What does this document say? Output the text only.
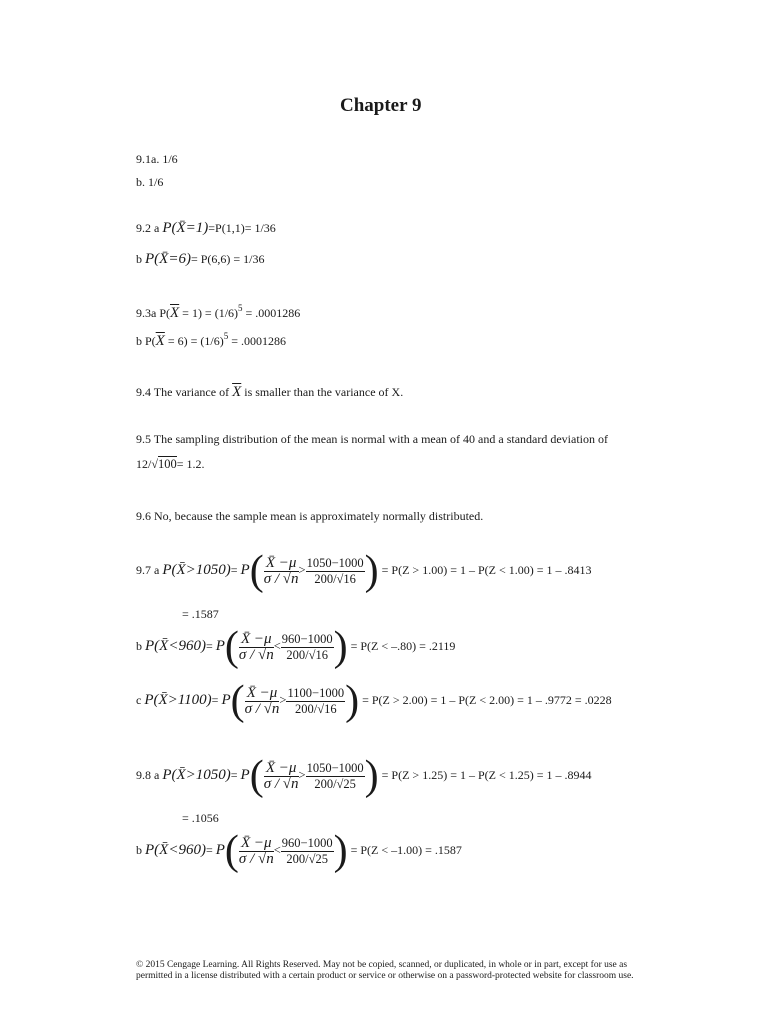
Chapter 9
9.1a. 1/6
b. 1/6
9.2 a P(X̄=1)=P(1,1)= 1/36
b P(X̄=6)= P(6,6) = 1/36
9.3a $P(\overline{X} = 1) = (1/6)^5 = .0001286$
b $P(\overline{X} = 6) = (1/6)^5 = .0001286$
9.4 The variance of $\overline{X}$ is smaller than the variance of X.
9.5 The sampling distribution of the mean is normal with a mean of 40 and a standard deviation of
12/√100= 1.2.
9.6 No, because the sample mean is approximately normally distributed.
9.7 a P(X̄>1050)= $P( \frac{X̄ -\mu}{\sigma / √n} > \frac{1050-1000}{200/√16}$ ) = P(Z > 1.00) = 1 – P(Z < 1.00) = 1 – .8413
= .1587
b P(X̄<960)= $P( \frac{X̄ -\mu}{\sigma / √n} < \frac{960-1000}{200/√16}$ ) = P(Z < –.80) = .2119
c P(X̄>1100)= $P( \frac{X̄ -\mu}{\sigma / √n} > \frac{1100-1000}{200/√16}$ ) = P(Z > 2.00) = 1 – P(Z < 2.00) = 1 – .9772 = .0228
9.8 a P(X̄>1050)= $P( \frac{X̄ -\mu}{\sigma / √n} > \frac{1050-1000}{200/√25}$ ) = P(Z > 1.25) = 1 – P(Z < 1.25) = 1 – .8944
= .1056
b P(X̄<960)= $P( \frac{X̄ -\mu}{\sigma / √n} < \frac{960-1000}{200/√25}$ ) = P(Z < –1.00) = .1587
© 2015 Cengage Learning. All Rights Reserved. May not be copied, scanned, or duplicated, in whole or in part, except for use as permitted in a license distributed with a certain product or service or otherwise on a password-protected website for classroom use.
